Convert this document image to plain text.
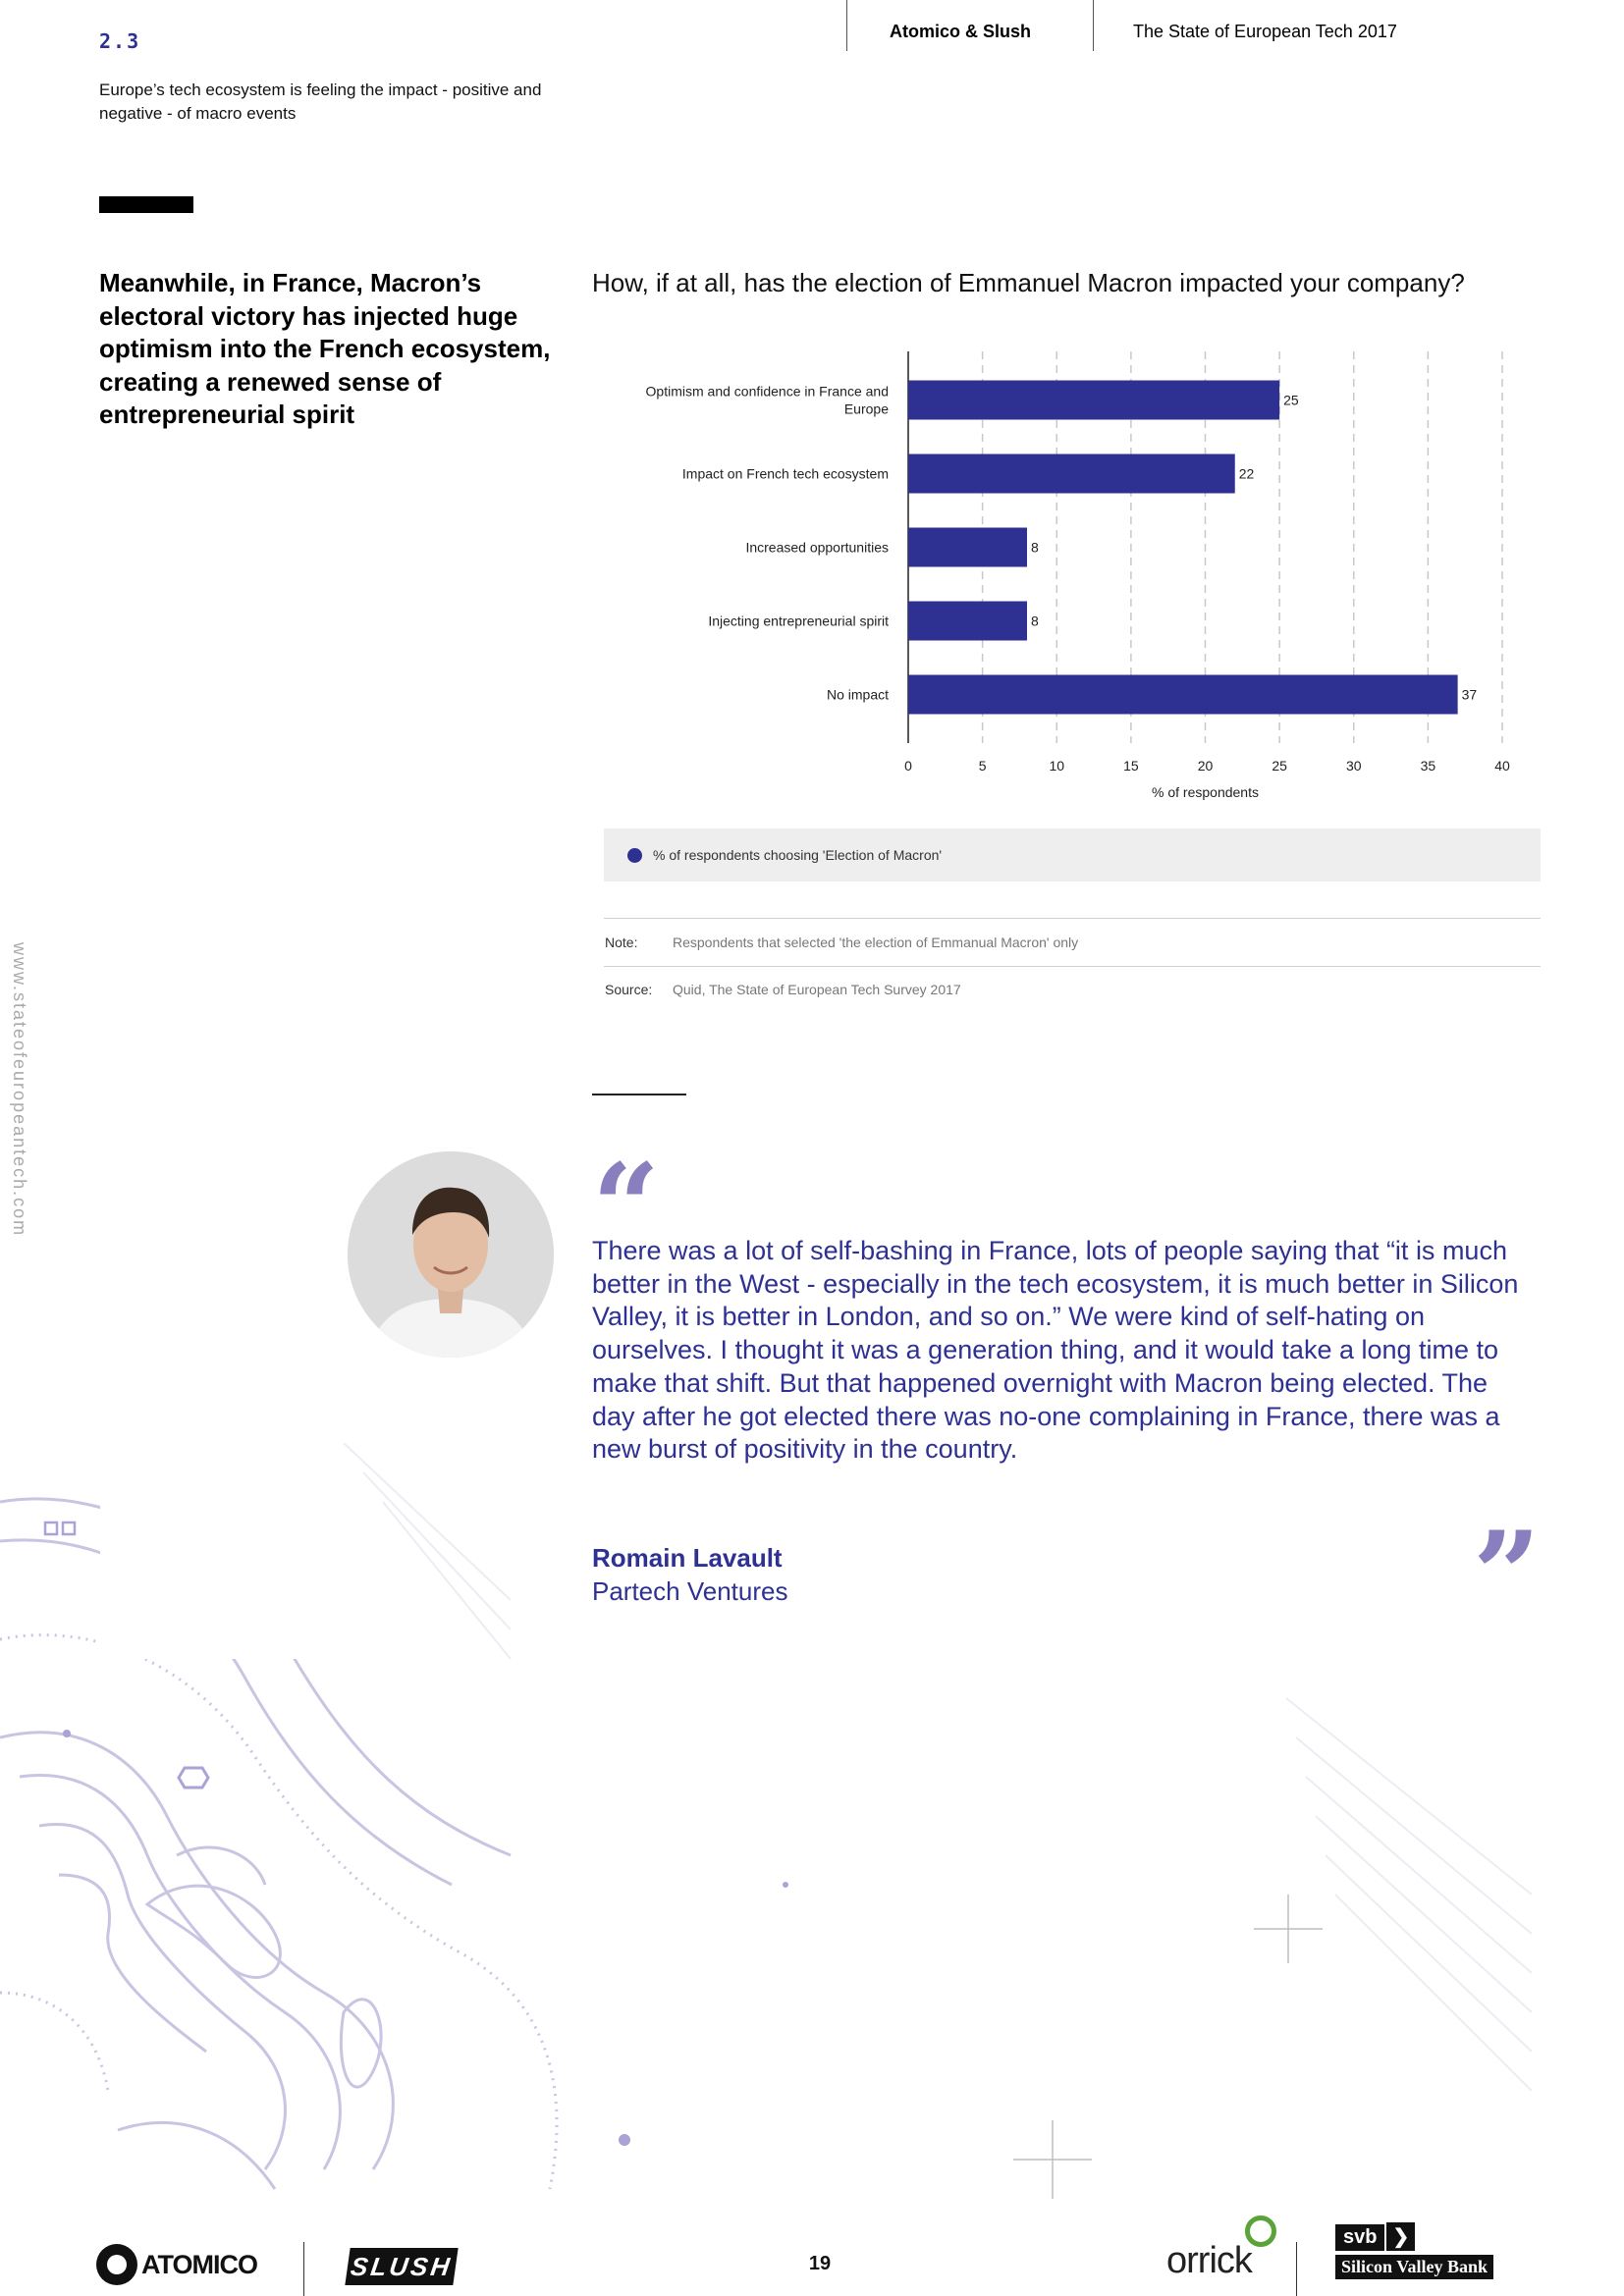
2.3
Europe’s tech ecosystem is feeling the impact - positive and negative - of macro events
Atomico & Slush	The State of European Tech 2017
www.stateofeuropeantech.com
Meanwhile, in France, Macron’s electoral victory has injected huge optimism into the French ecosystem, creating a renewed sense of entrepreneurial spirit
How, if at all, has the election of Emmanuel Macron impacted your company?
0	5	10	15	20	25	30	35	40
25
Optimism and confidence in France and
Europe
22
Impact on French tech ecosystem
8
Increased opportunities
8
Injecting entrepreneurial spirit
37
No impact
% of respondents
% of respondents choosing 'Election of Macron'
Note:	Respondents that selected 'the election of Emmanual Macron' only
Source: Quid, The State of European Tech Survey 2017
“
There was a lot of self-bashing in France, lots of people saying that “it is much better in the West - especially in the tech ecosystem, it is much better in Silicon Valley, it is better in London, and so on.” We were kind of self-hating on ourselves. I thought it was a generation thing, and it would take a long time to make that shift. But that happened overnight with Macron being elected. The day after he got elected there was no-one complaining in France, there was a new burst of positivity in the country.
Romain Lavault
Partech Ventures	”
ATOMICO	SLUSH	19	orrick
svb ❯
Silicon Valley Bank
